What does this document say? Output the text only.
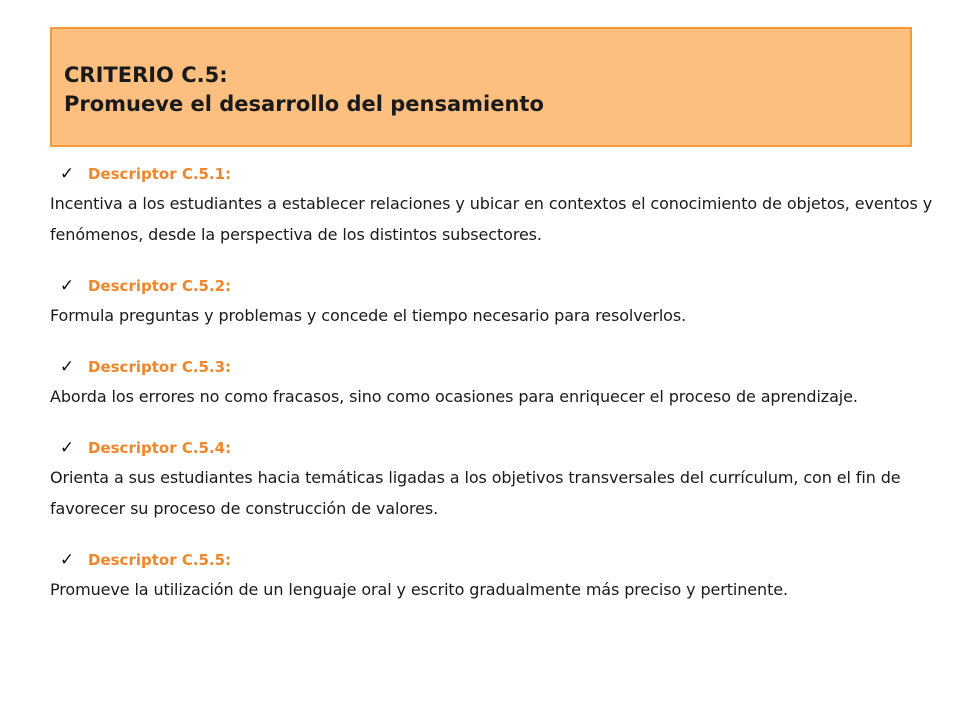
CRITERIO C.5:
Promueve el desarrollo del pensamiento
✓ Descriptor C.5.1:
Incentiva a los estudiantes a establecer relaciones y ubicar en contextos el conocimiento de objetos, eventos y fenómenos, desde la perspectiva de los distintos subsectores.
✓ Descriptor C.5.2:
Formula preguntas y problemas y concede el tiempo necesario para resolverlos.
✓ Descriptor C.5.3:
Aborda los errores no como fracasos, sino como ocasiones para enriquecer el proceso de aprendizaje.
✓ Descriptor C.5.4:
Orienta a sus estudiantes hacia temáticas ligadas a los objetivos transversales del currículum, con el fin de favorecer su proceso de construcción de valores.
✓ Descriptor C.5.5:
Promueve la utilización de un lenguaje oral y escrito gradualmente más preciso y pertinente.
